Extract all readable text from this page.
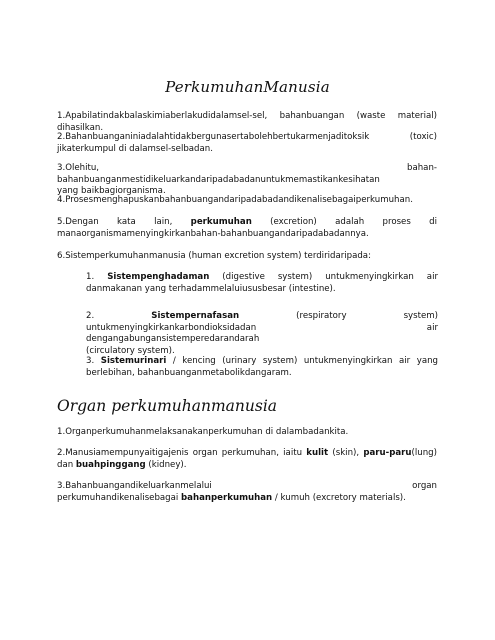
PerkumuhanManusia
1.Apabilatindakbalaskimiaberlakudidalamsel-sel, bahanbuangan (waste material) dihasilkan.
2.Bahanbuanganiniadalahtidakbergunasertabolehbertukarmenjaditoksik (toxic)
jikaterkumpul di dalamsel-selbadan.
3.Olehitu, bahan-bahanbuanganmestidikeluarkandaripadabadanuntukmemastikankesihatan
yang baikbagiorganisma.
4.Prosesmenghapuskanbahanbuangandaripadabadandikenalisebagaiperkumuhan.
5.Dengan kata lain, perkumuhan (excretion) adalah proses di
manaorganismamenyingkirkanbahan-bahanbuangandaripadabadannya.
6.Sistemperkumuhanmanusia (human excretion system) terdiridaripada:
1. Sistempenghadaman (digestive system) untukmenyingkirkan air
danmakanan yang terhadammelaluiususbesar (intestine).
2. Sistempernafasan (respiratory system)
untukmenyingkirkankarbondioksidadan air dengangabungansistemperedarandarah
(circulatory system).
3. Sistemurinari / kencing (urinary system) untukmenyingkirkan air yang
berlebihan, bahanbuanganmetabolikdangaram.
Organ perkumuhanmanusia
1.Organperkumuhanmelaksanakanperkumuhan di dalambadankita.
2.Manusiamempunyaitigajenis organ perkumuhan, iaitu kulit (skin), paru-paru(lung)
dan buahpinggang (kidney).
3.Bahanbuangandikeluarkanmelalui organ
perkumuhandikenalisebagai bahanperkumuhan / kumuh (excretory materials).
